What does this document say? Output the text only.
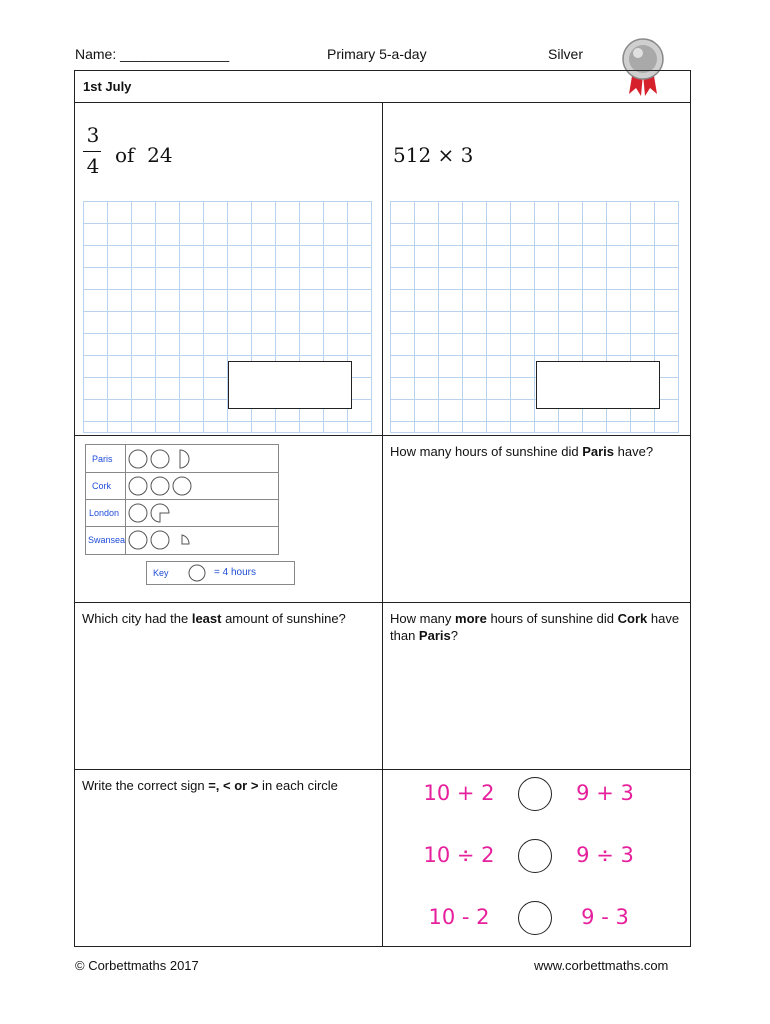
Name: ______________	Primary 5-a-day	Silver
1st July
3
4 of  24	512 × 3
Paris
Cork
London
Swansea
Key	= 4 hours
How many hours of sunshine did Paris have?
Which city had the least amount of sunshine?	How many more hours of sunshine did Cork have than Paris?
Write the correct sign =, < or > in each circle	10 + 2	9 + 3
10 ÷ 2	9 ÷ 3
10 - 2	9 - 3
© Corbettmaths 2017	www.corbettmaths.com
